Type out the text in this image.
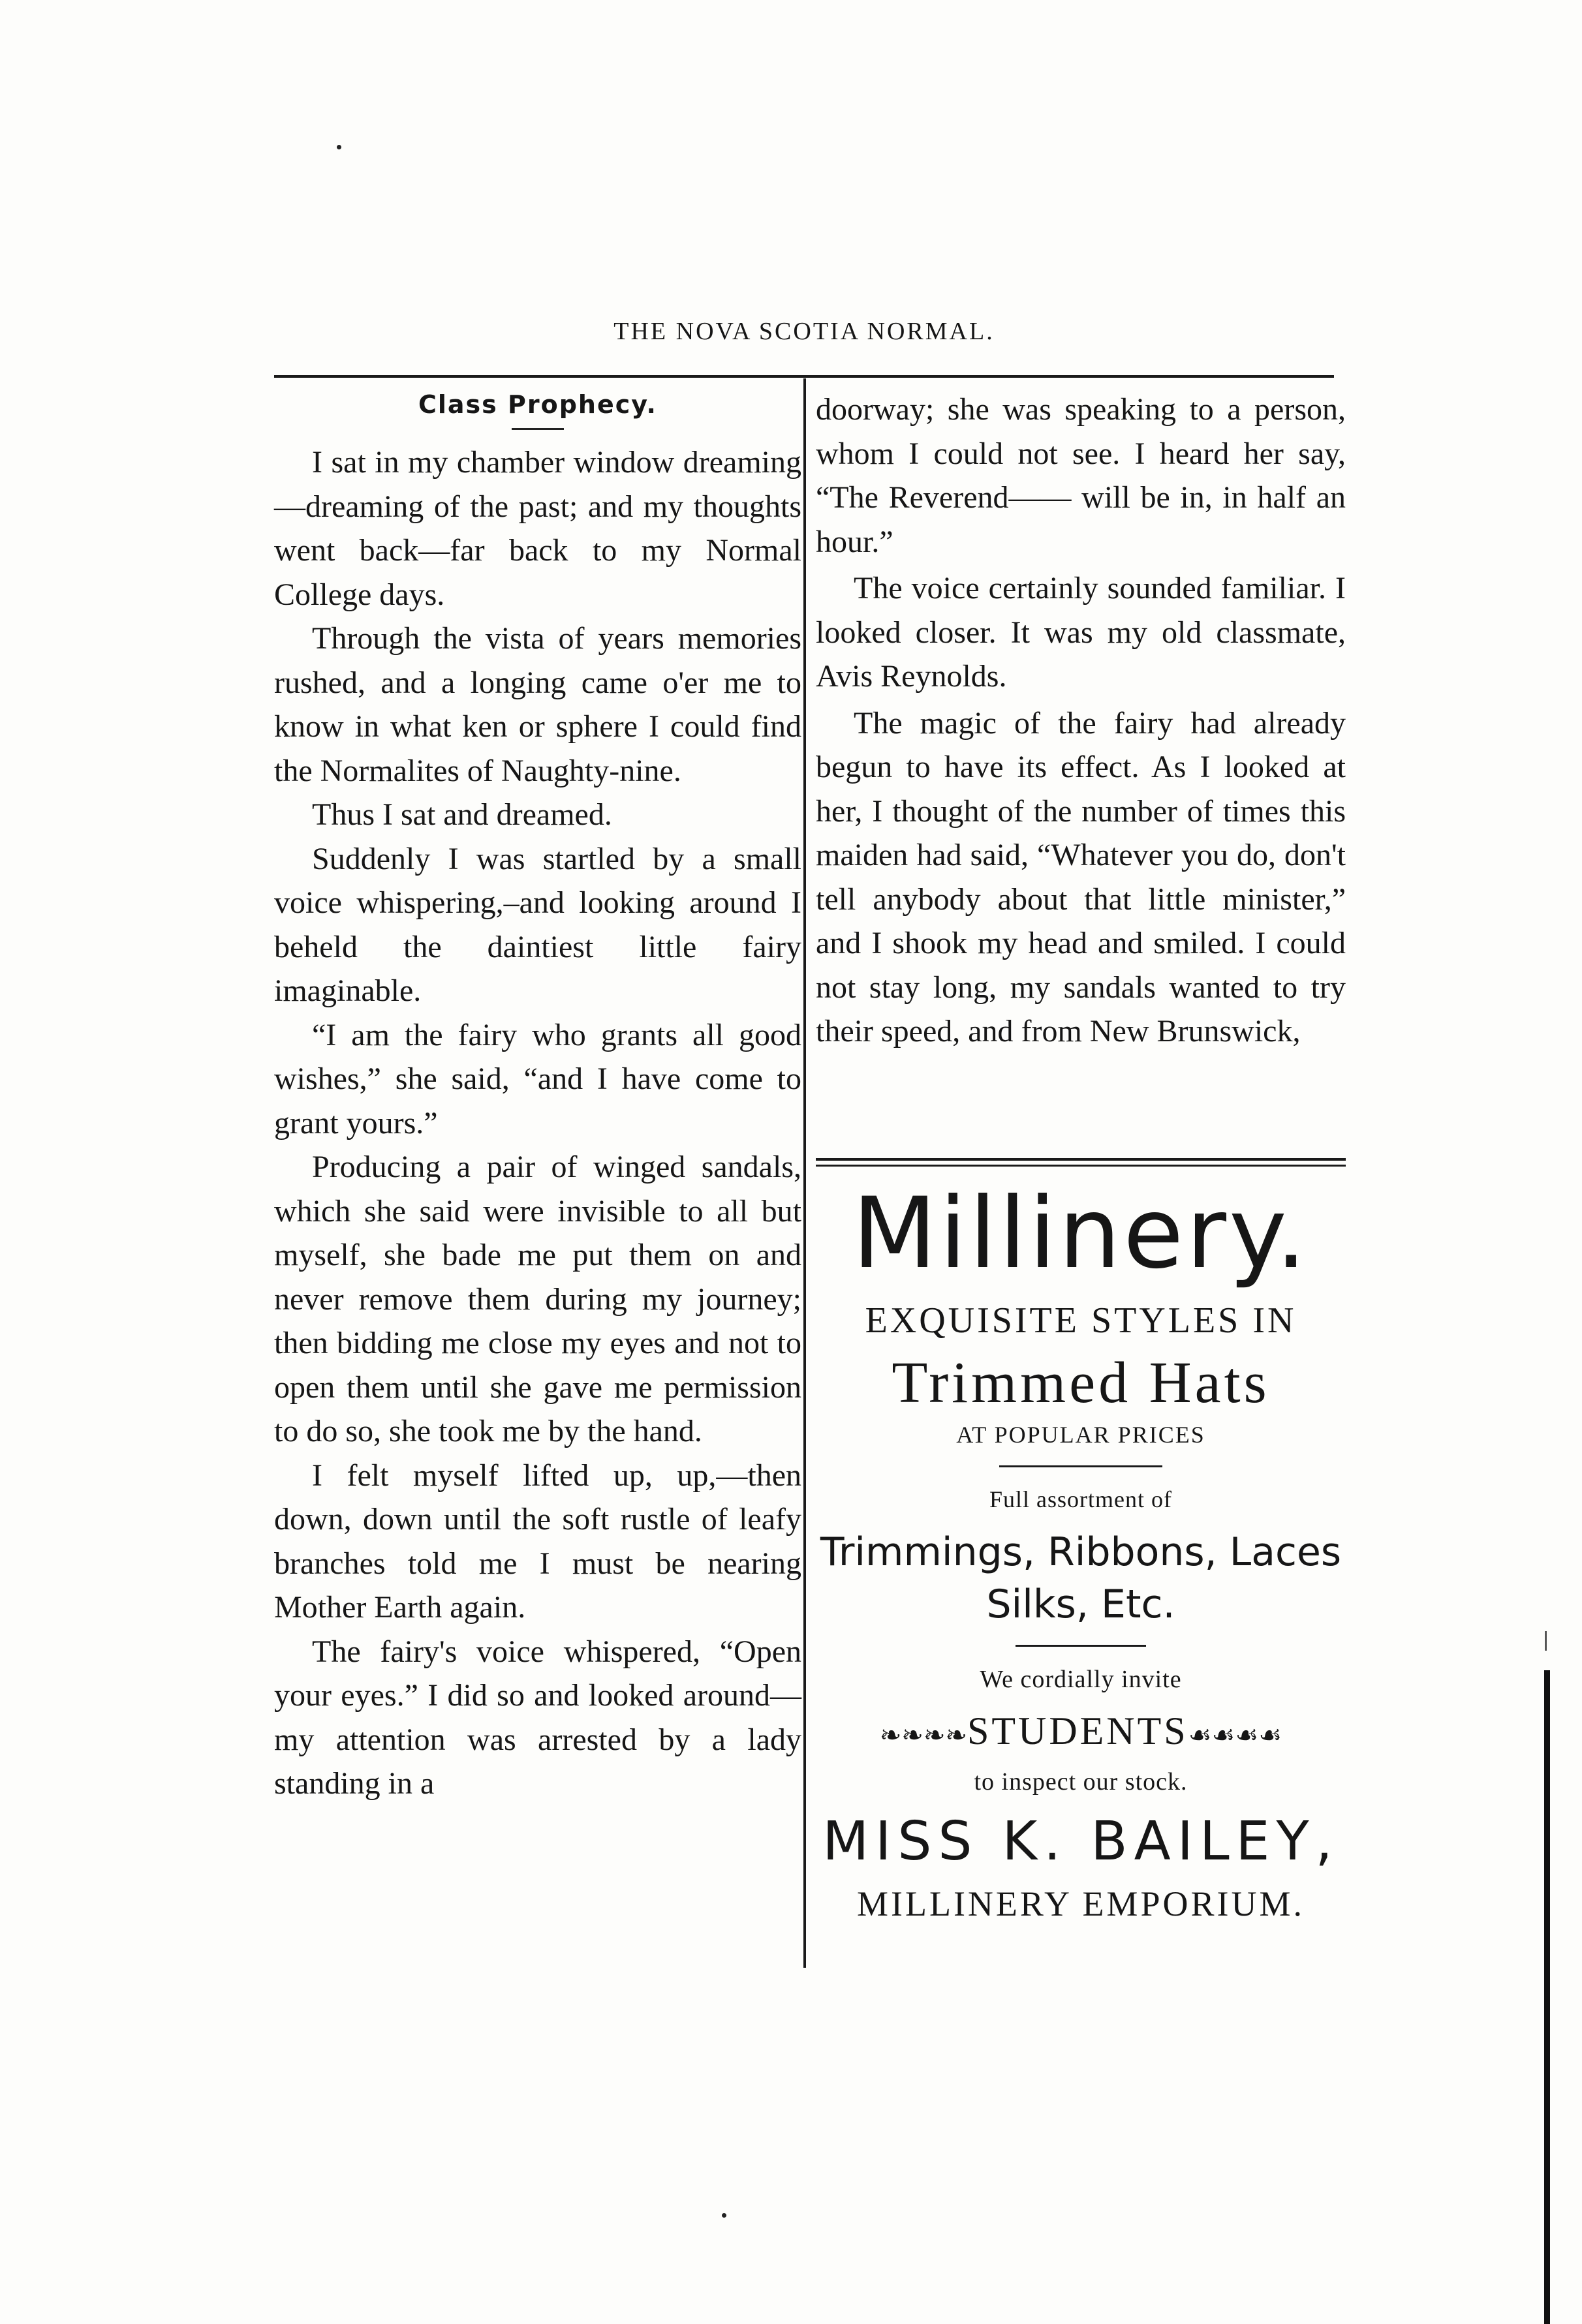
THE NOVA SCOTIA NORMAL.
Class Prophecy.

I sat in my chamber window dreaming—dreaming of the past; and my thoughts went back—far back to my Normal College days.

Through the vista of years memories rushed, and a longing came o'er me to know in what ken or sphere I could find the Normalites of Naughty-nine.

Thus I sat and dreamed.

Suddenly I was startled by a small voice whispering,–and looking around I beheld the daintiest little fairy imaginable.

“I am the fairy who grants all good wishes,” she said, “and I have come to grant yours.”

Producing a pair of winged sandals, which she said were invisible to all but myself, she bade me put them on and never remove them during my journey; then bidding me close my eyes and not to open them until she gave me permission to do so, she took me by the hand.

I felt myself lifted up, up,—then down, down until the soft rustle of leafy branches told me I must be nearing Mother Earth again.

The fairy's voice whispered, “Open your eyes.” I did so and looked around—my attention was arrested by a lady standing in a

doorway; she was speaking to a person, whom I could not see. I heard her say, “The Reverend—— will be in, in half an hour.”

The voice certainly sounded familiar. I looked closer. It was my old classmate, Avis Reynolds.

The magic of the fairy had already begun to have its effect. As I looked at her, I thought of the number of times this maiden had said, “Whatever you do, don't tell anybody about that little minister,” and I shook my head and smiled. I could not stay long, my sandals wanted to try their speed, and from New Brunswick,

Millinery.
EXQUISITE STYLES IN
Trimmed Hats
AT POPULAR PRICES
Full assortment of
Trimmings, Ribbons, Laces
Silks, Etc.
We cordially invite
❧❧❧❧STUDENTS☙☙☙☙
to inspect our stock.
MISS K. BAILEY,
MILLINERY EMPORIUM.
